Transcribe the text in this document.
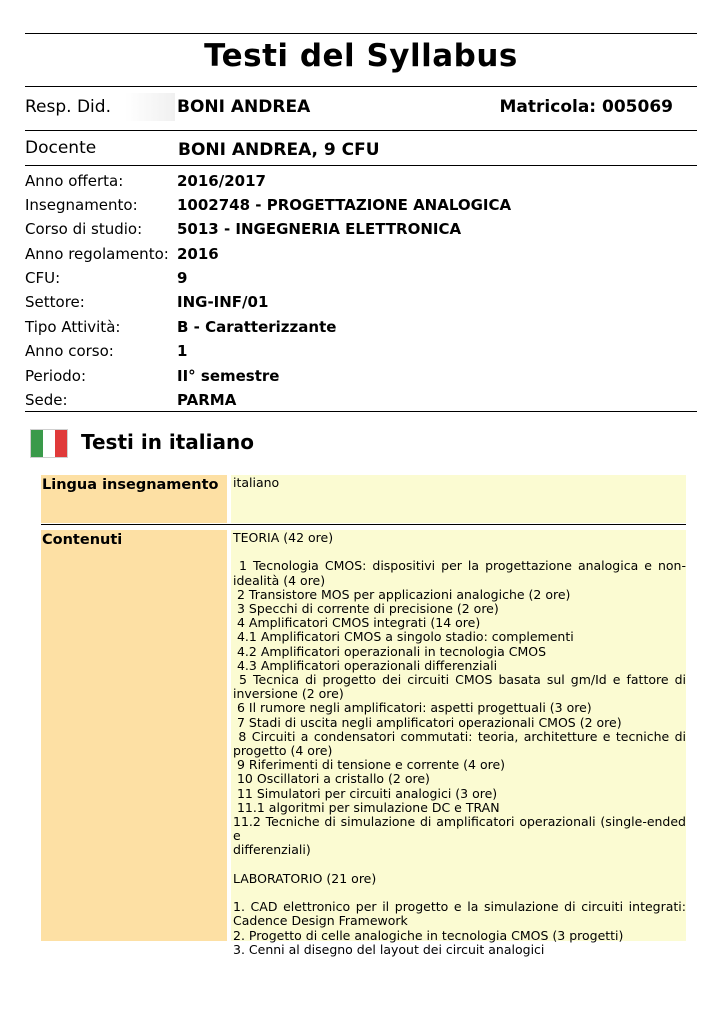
Testi del Syllabus
Resp. Did.	BONI ANDREA	Matricola: 005069
Docente	BONI ANDREA, 9 CFU
Anno offerta:	2016/2017
Insegnamento:	1002748 - PROGETTAZIONE ANALOGICA
Corso di studio: 5013 - INGEGNERIA ELETTRONICA
Anno regolamento: 2016
CFU:	9
Settore:	ING-INF/01
Tipo Attività:	B - Caratterizzante
Anno corso:	1
Periodo:	II° semestre
Sede:	PARMA
Testi in italiano
Lingua insegnamento	italiano
Contenuti	TEORIA (42 ore)
1 Tecnologia CMOS: dispositivi per la progettazione analogica e non-
idealità (4 ore)
2 Transistore MOS per applicazioni analogiche (2 ore)
3 Specchi di corrente di precisione (2 ore)
4 Amplificatori CMOS integrati (14 ore)
4.1 Amplificatori CMOS a singolo stadio: complementi
4.2 Amplificatori operazionali in tecnologia CMOS
4.3 Amplificatori operazionali differenziali
5 Tecnica di progetto dei circuiti CMOS basata sul gm/Id e fattore di
inversione (2 ore)
6 Il rumore negli amplificatori: aspetti progettuali (3 ore)
7 Stadi di uscita negli amplificatori operazionali CMOS (2 ore)
8 Circuiti a condensatori commutati: teoria, architetture e tecniche di
progetto (4 ore)
9 Riferimenti di tensione e corrente (4 ore)
10 Oscillatori a cristallo (2 ore)
11 Simulatori per circuiti analogici (3 ore)
11.1 algoritmi per simulazione DC e TRAN
11.2 Tecniche di simulazione di amplificatori operazionali (single-ended e
differenziali)
LABORATORIO (21 ore)
1. CAD elettronico per il progetto e la simulazione di circuiti integrati:
Cadence Design Framework
2. Progetto di celle analogiche in tecnologia CMOS (3 progetti)
3. Cenni al disegno del layout dei circuit analogici
